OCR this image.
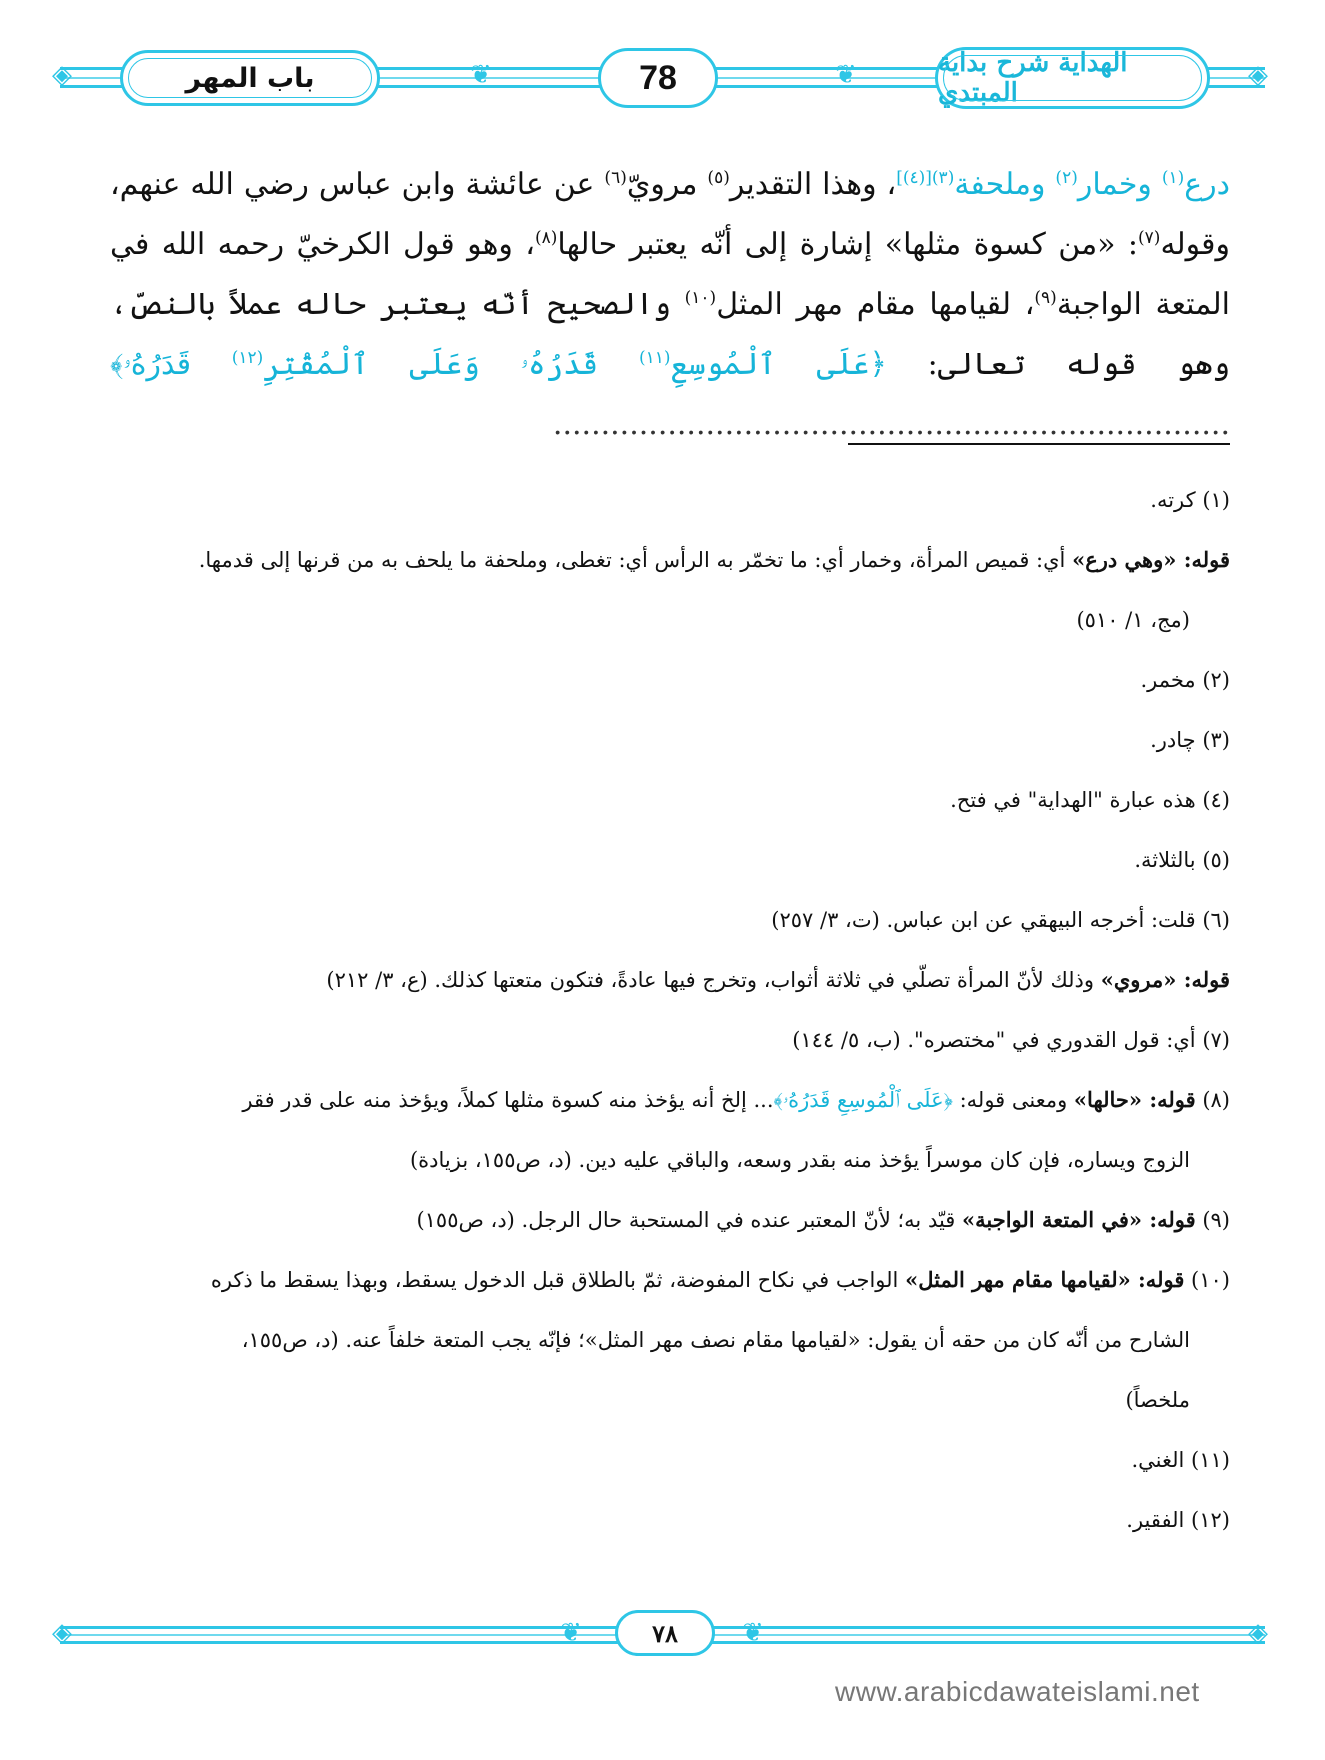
◈	◈
❦	❦
باب المهر	78	الهداية شرح بداية المبتدي

درع$^{(١)}$ وخمار$^{(٢)}$ وملحفة$^{(٣)[(٤)]}$، وهذا التقدير$^{(٥)}$ مرويّ$^{(٦)}$ عن عائشة وابن عباس رضي الله عنهم، وقوله$^{(٧)}$: «من كسوة مثلها» إشارة إلى أنّه يعتبر حالها$^{(٨)}$، وهو قول الكرخيّ رحمه الله في المتعة الواجبة$^{(٩)}$، لقيامها مقام مهر المثل$^{(١٠)}$ والصحيح أنّه يعتبر حاله عملاً بالنصّ، وهو قوله تعالى: ﴿عَلَى ٱلْمُوسِعِ$^{(١١)}$ قَدَرُهُۥ وَعَلَى ٱلْمُقْتِرِ$^{(١٢)}$ قَدَرُهُۥ﴾ .......................................................................

(١) كرته.

قوله: «وهي درع» أي: قميص المرأة، وخمار أي: ما تخمّر به الرأس أي: تغطى، وملحفة ما يلحف به من قرنها إلى قدمها.

(مج، ١/ ٥١٠)

(٢) مخمر.

(٣) چادر.

(٤) هذه عبارة "الهداية" في فتح.

(٥) بالثلاثة.

(٦) قلت: أخرجه البيهقي عن ابن عباس. (ت، ٣/ ٢٥٧)

قوله: «مروي» وذلك لأنّ المرأة تصلّي في ثلاثة أثواب، وتخرج فيها عادةً، فتكون متعتها كذلك. (ع، ٣/ ٢١٢)

(٧) أي: قول القدوري في "مختصره". (ب، ٥/ ١٤٤)

(٨) قوله: «حالها» ومعنى قوله: ﴿عَلَى ٱلْمُوسِعِ قَدَرُهُۥ﴾... إلخ أنه يؤخذ منه كسوة مثلها كملاً، ويؤخذ منه على قدر فقر

الزوج ويساره، فإن كان موسراً يؤخذ منه بقدر وسعه، والباقي عليه دين. (د، ص١٥٥، بزيادة)

(٩) قوله: «في المتعة الواجبة» قيّد به؛ لأنّ المعتبر عنده في المستحبة حال الرجل. (د، ص١٥٥)

(١٠) قوله: «لقيامها مقام مهر المثل» الواجب في نكاح المفوضة، ثمّ بالطلاق قبل الدخول يسقط، وبهذا يسقط ما ذكره

الشارح من أنّه كان من حقه أن يقول: «لقيامها مقام نصف مهر المثل»؛ فإنّه يجب المتعة خلفاً عنه. (د، ص١٥٥،

ملخصاً)

(١١) الغني.

(١٢) الفقير.

◈	◈
❦	❦
٧٨
www.arabicdawateislami.net
